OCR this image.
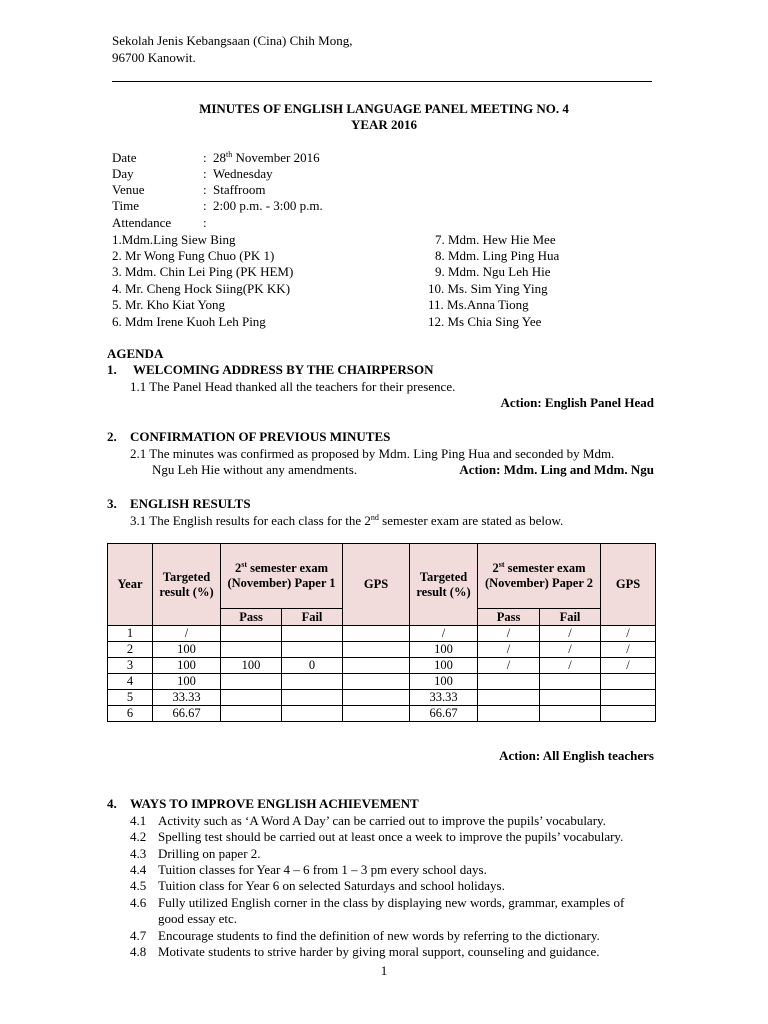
Sekolah Jenis Kebangsaan (Cina) Chih Mong,
96700 Kanowit.
MINUTES OF ENGLISH LANGUAGE PANEL MEETING NO. 4
YEAR 2016
Date	: 28th November 2016
Day	: Wednesday
Venue	: Staffroom
Time	: 2:00 p.m. - 3:00 p.m.
Attendance :
1.Mdm.Ling Siew Bing
2. Mr Wong Fung Chuo (PK 1)
3. Mdm. Chin Lei Ping (PK HEM)
4. Mr. Cheng Hock Siing(PK KK)
5. Mr. Kho Kiat Yong
6. Mdm Irene Kuoh Leh Ping
7. Mdm. Hew Hie Mee
8. Mdm. Ling Ping Hua
9. Mdm. Ngu Leh Hie
10. Ms. Sim Ying Ying
11. Ms.Anna Tiong
12. Ms Chia Sing Yee
AGENDA
1. WELCOMING ADDRESS BY THE CHAIRPERSON
1.1 The Panel Head thanked all the teachers for their presence.
Action: English Panel Head
2. CONFIRMATION OF PREVIOUS MINUTES
2.1 The minutes was confirmed as proposed by Mdm. Ling Ping Hua and seconded by Mdm.
Ngu Leh Hie without any amendments.	Action: Mdm. Ling and Mdm. Ngu
3. ENGLISH RESULTS
3.1 The English results for each class for the 2nd semester exam are stated as below.
Year	Targeted result (%)	2st semester exam (November) Paper 1		GPS	Targeted result (%)	2st semester exam (November) Paper 2		GPS
		Pass	Fail			Pass	Fail	
1	/				/	/	/	/
2	100				100	/	/	/
3	100	100	0		100	/	/	/
4	100				100			
5	33.33				33.33			
6	66.67				66.67			
Action: All English teachers
4. WAYS TO IMPROVE ENGLISH ACHIEVEMENT
4.1 Activity such as ‘A Word A Day’ can be carried out to improve the pupils’ vocabulary.
4.2 Spelling test should be carried out at least once a week to improve the pupils’ vocabulary.
4.3 Drilling on paper 2.
4.4 Tuition classes for Year 4 – 6 from 1 – 3 pm every school days.
4.5 Tuition class for Year 6 on selected Saturdays and school holidays.
4.6 Fully utilized English corner in the class by displaying new words, grammar, examples of
good essay etc.
4.7 Encourage students to find the definition of new words by referring to the dictionary.
4.8 Motivate students to strive harder by giving moral support, counseling and guidance.
1
